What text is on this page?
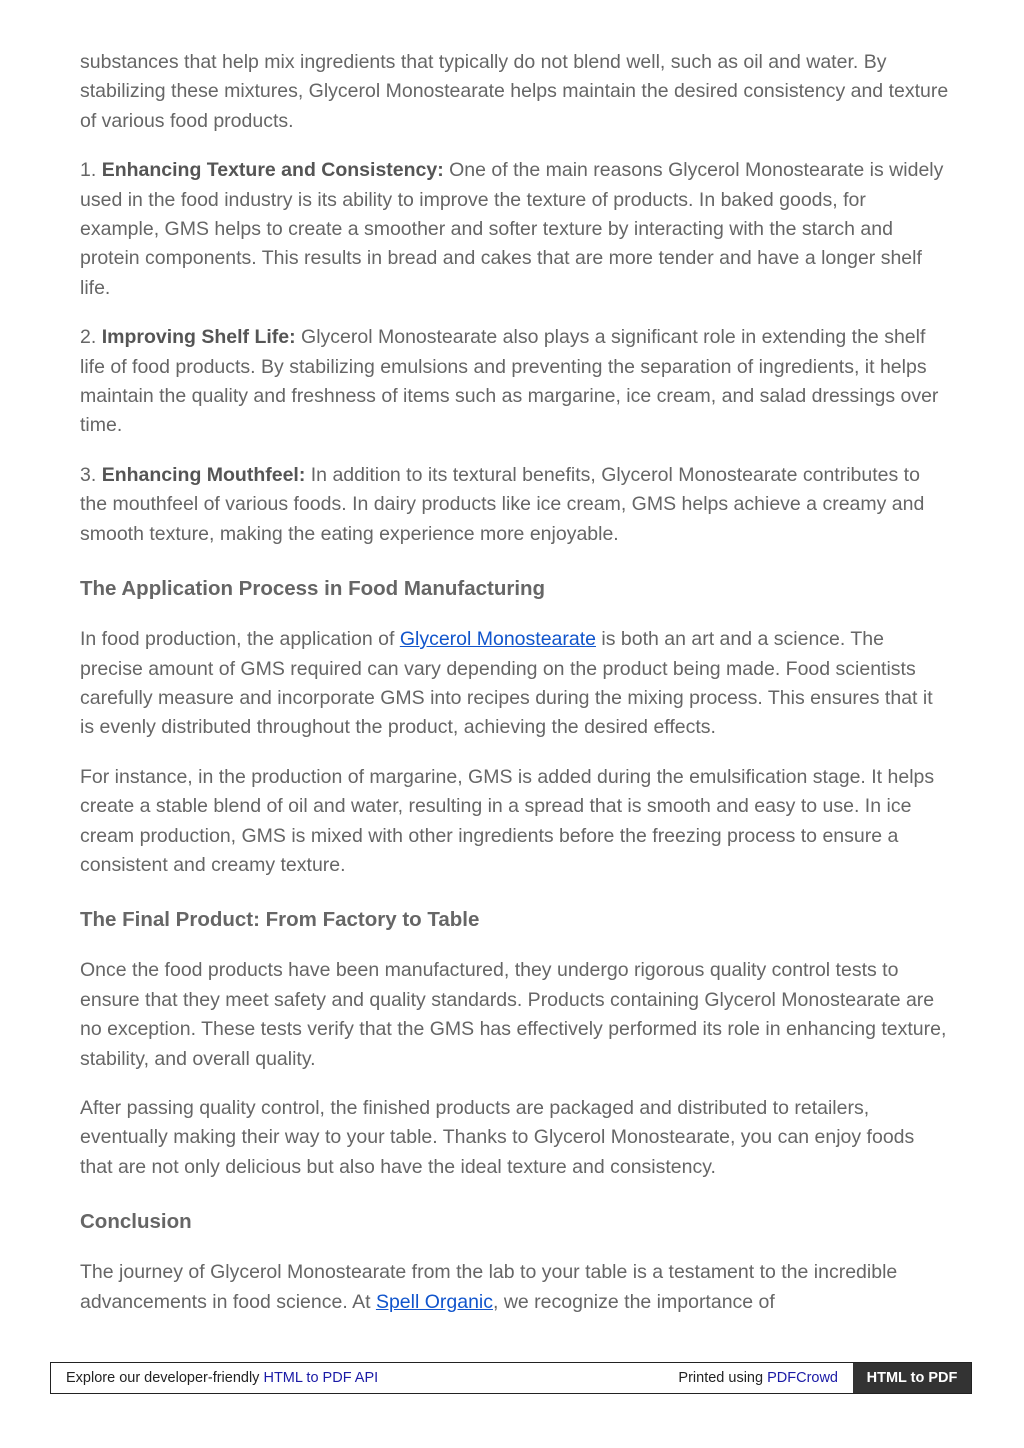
substances that help mix ingredients that typically do not blend well, such as oil and water. By stabilizing these mixtures, Glycerol Monostearate helps maintain the desired consistency and texture of various food products.

1. Enhancing Texture and Consistency: One of the main reasons Glycerol Monostearate is widely used in the food industry is its ability to improve the texture of products. In baked goods, for example, GMS helps to create a smoother and softer texture by interacting with the starch and protein components. This results in bread and cakes that are more tender and have a longer shelf life.

2. Improving Shelf Life: Glycerol Monostearate also plays a significant role in extending the shelf life of food products. By stabilizing emulsions and preventing the separation of ingredients, it helps maintain the quality and freshness of items such as margarine, ice cream, and salad dressings over time.

3. Enhancing Mouthfeel: In addition to its textural benefits, Glycerol Monostearate contributes to the mouthfeel of various foods. In dairy products like ice cream, GMS helps achieve a creamy and smooth texture, making the eating experience more enjoyable.

The Application Process in Food Manufacturing

In food production, the application of Glycerol Monostearate is both an art and a science. The precise amount of GMS required can vary depending on the product being made. Food scientists carefully measure and incorporate GMS into recipes during the mixing process. This ensures that it is evenly distributed throughout the product, achieving the desired effects.

For instance, in the production of margarine, GMS is added during the emulsification stage. It helps create a stable blend of oil and water, resulting in a spread that is smooth and easy to use. In ice cream production, GMS is mixed with other ingredients before the freezing process to ensure a consistent and creamy texture.

The Final Product: From Factory to Table

Once the food products have been manufactured, they undergo rigorous quality control tests to ensure that they meet safety and quality standards. Products containing Glycerol Monostearate are no exception. These tests verify that the GMS has effectively performed its role in enhancing texture, stability, and overall quality.

After passing quality control, the finished products are packaged and distributed to retailers, eventually making their way to your table. Thanks to Glycerol Monostearate, you can enjoy foods that are not only delicious but also have the ideal texture and consistency.

Conclusion

The journey of Glycerol Monostearate from the lab to your table is a testament to the incredible advancements in food science. At Spell Organic, we recognize the importance of

Explore our developer-friendly HTML to PDF API	Printed using PDFCrowd	HTML to PDF
